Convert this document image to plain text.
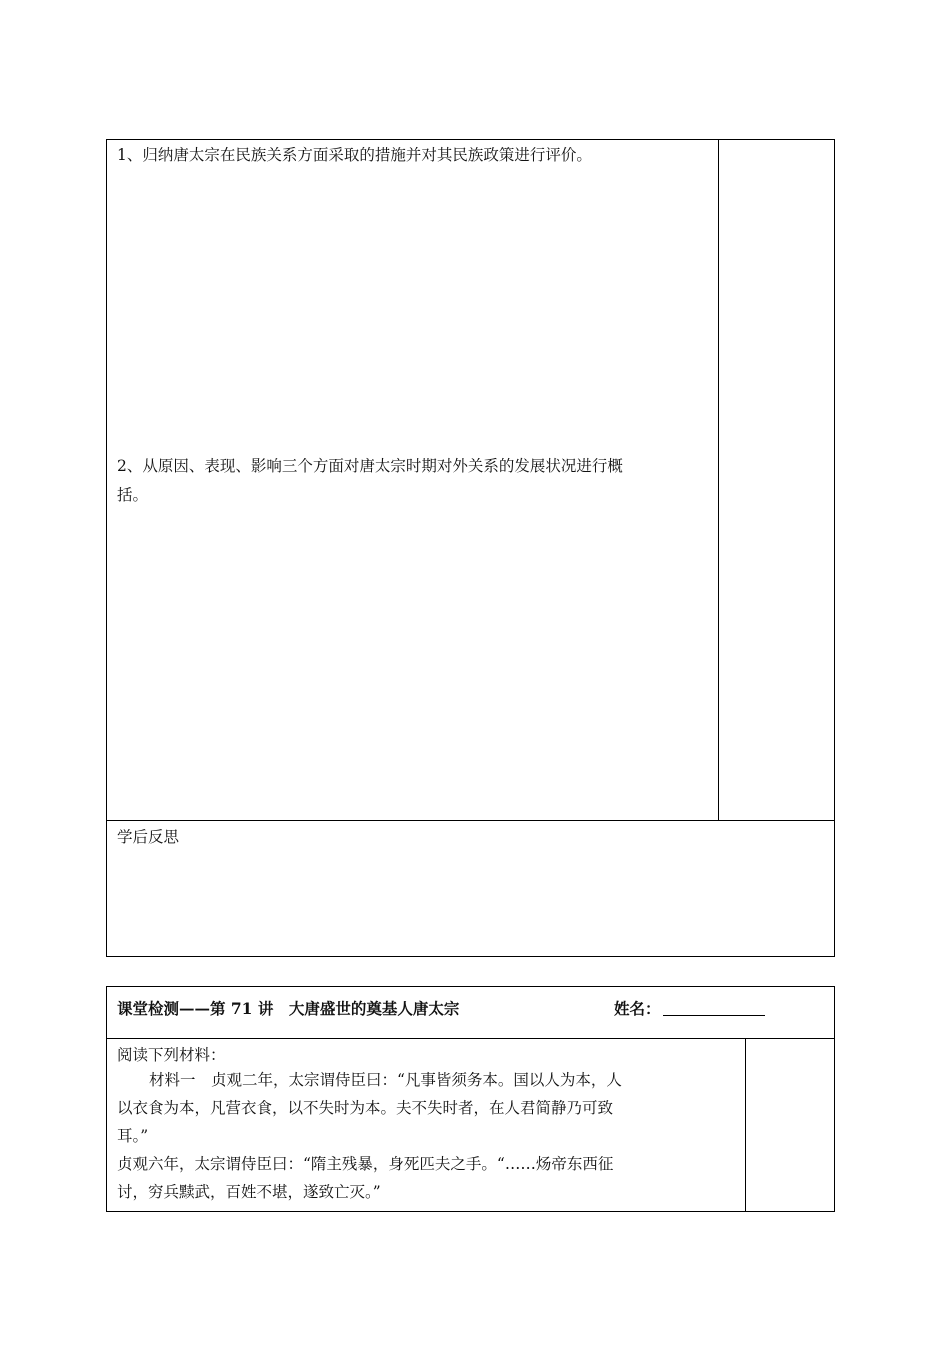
1、归纳唐太宗在民族关系方面采取的措施并对其民族政策进行评价。
2、从原因、表现、影响三个方面对唐太宗时期对外关系的发展状况进行概
括。
学后反思
课堂检测——第 71 讲　大唐盛世的奠基人唐太宗	姓名：
阅读下列材料：
材料一　贞观二年，太宗谓侍臣曰：“凡事皆须务本。国以人为本，人
以衣食为本，凡营衣食，以不失时为本。夫不失时者，在人君简静乃可致
耳。”
贞观六年，太宗谓侍臣曰：“隋主残暴，身死匹夫之手。“……炀帝东西征
讨，穷兵黩武，百姓不堪，遂致亡灭。”
